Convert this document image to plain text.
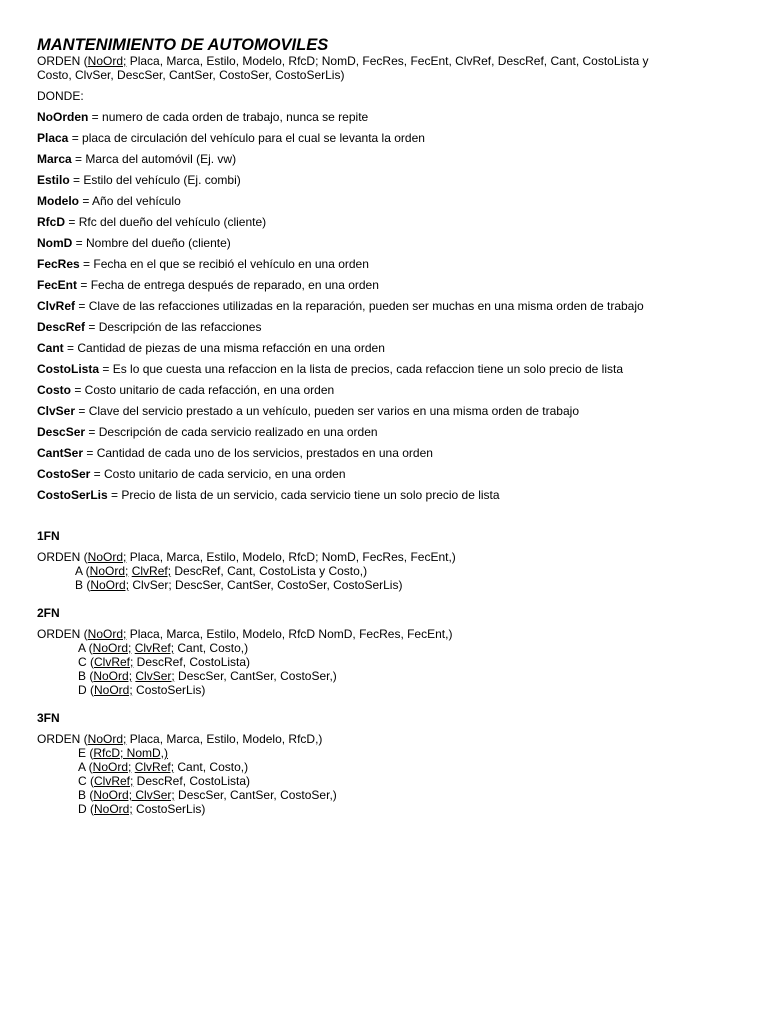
MANTENIMIENTO DE AUTOMOVILES
ORDEN (NoOrd; Placa, Marca, Estilo, Modelo, RfcD; NomD, FecRes, FecEnt, ClvRef, DescRef, Cant, CostoLista y
Costo, ClvSer, DescSer, CantSer, CostoSer, CostoSerLis)
DONDE:
NoOrden = numero de cada orden de trabajo, nunca se repite
Placa = placa de circulación del vehículo para el cual se levanta la orden
Marca = Marca del automóvil (Ej. vw)
Estilo = Estilo del vehículo (Ej. combi)
Modelo = Año del vehículo
RfcD = Rfc del dueño del vehículo (cliente)
NomD = Nombre del dueño (cliente)
FecRes = Fecha en el que se recibió el vehículo en una orden
FecEnt = Fecha de entrega después de reparado, en una orden
ClvRef = Clave de las refacciones utilizadas en la reparación, pueden ser muchas en una misma orden de trabajo
DescRef = Descripción de las refacciones
Cant = Cantidad de piezas de una misma refacción en una orden
CostoLista = Es lo que cuesta una refaccion en la lista de precios, cada refaccion tiene un solo precio de lista
Costo = Costo unitario de cada refacción, en una orden
ClvSer = Clave del servicio prestado a un vehículo, pueden ser varios en una misma orden de trabajo
DescSer = Descripción de cada servicio realizado en una orden
CantSer = Cantidad de cada uno de los servicios, prestados en una orden
CostoSer = Costo unitario de cada servicio, en una orden
CostoSerLis = Precio de lista de un servicio, cada servicio tiene un solo precio de lista
1FN
ORDEN (NoOrd; Placa, Marca, Estilo, Modelo, RfcD; NomD, FecRes, FecEnt,)
A (NoOrd; ClvRef; DescRef, Cant, CostoLista y Costo,)
B (NoOrd; ClvSer; DescSer, CantSer, CostoSer, CostoSerLis)
2FN
ORDEN (NoOrd; Placa, Marca, Estilo, Modelo, RfcD NomD, FecRes, FecEnt,)
A (NoOrd; ClvRef; Cant, Costo,)
C (ClvRef; DescRef, CostoLista)
B (NoOrd; ClvSer; DescSer, CantSer, CostoSer,)
D (NoOrd; CostoSerLis)
3FN
ORDEN (NoOrd; Placa, Marca, Estilo, Modelo, RfcD,)
E (RfcD; NomD,)
A (NoOrd; ClvRef; Cant, Costo,)
C (ClvRef; DescRef, CostoLista)
B (NoOrd; ClvSer; DescSer, CantSer, CostoSer,)
D (NoOrd; CostoSerLis)
